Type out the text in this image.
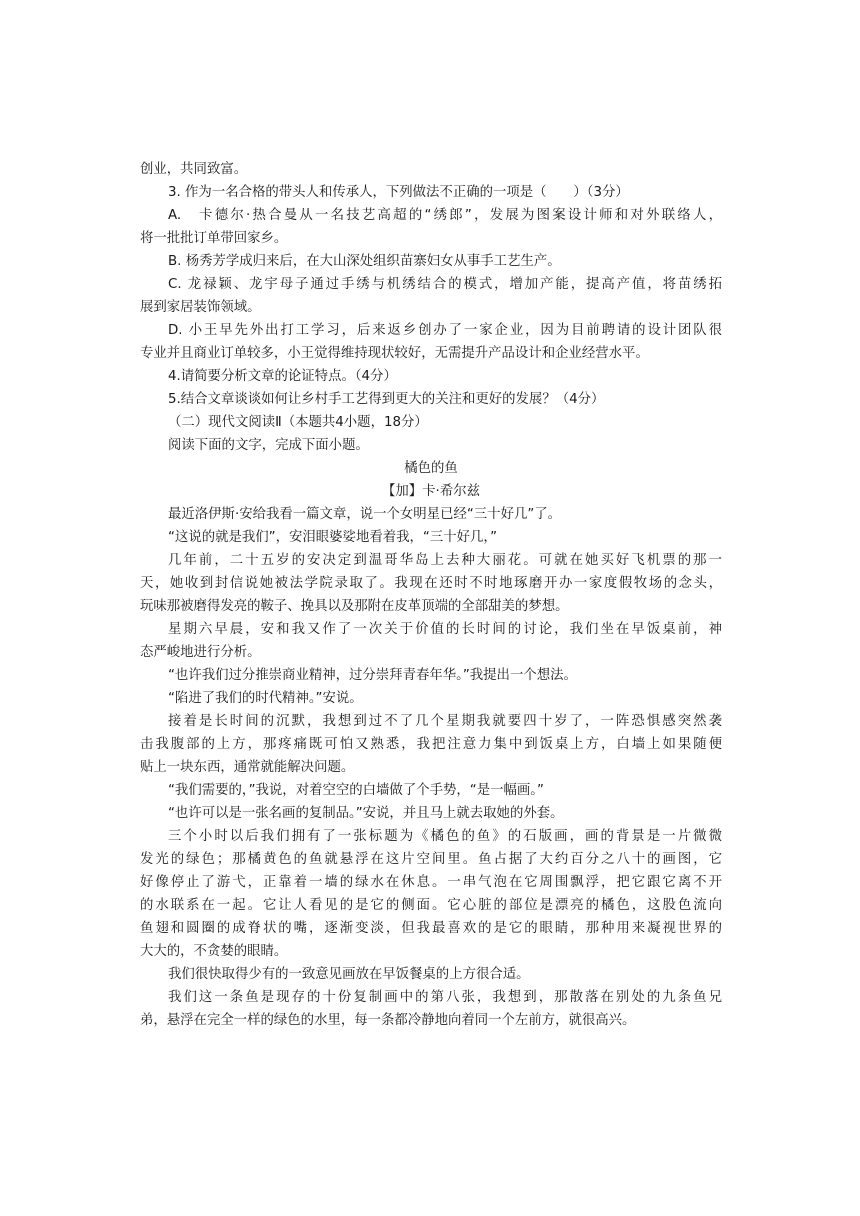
创业，共同致富。
3. 作为一名合格的带头人和传承人，下列做法不正确的一项是（　　）（3分）
A.　卡德尔·热合曼从一名技艺高超的“绣郎”，发展为图案设计师和对外联络人，
将一批批订单带回家乡。
B. 杨秀芳学成归来后，在大山深处组织苗寨妇女从事手工艺生产。
C. 龙禄颖、龙宇母子通过手绣与机绣结合的模式，增加产能，提高产值，将苗绣拓
展到家居装饰领域。
D. 小王早先外出打工学习，后来返乡创办了一家企业，因为目前聘请的设计团队很
专业并且商业订单较多，小王觉得维持现状较好，无需提升产品设计和企业经营水平。
4.请简要分析文章的论证特点。（4分）
5.结合文章谈谈如何让乡村手工艺得到更大的关注和更好的发展？（4分）
（二）现代文阅读Ⅱ（本题共4小题，18分）
阅读下面的文字，完成下面小题。
橘色的鱼
【加】卡·希尔兹
最近洛伊斯·安给我看一篇文章，说一个女明星已经“三十好几”了。
“这说的就是我们”，安泪眼婆娑地看着我，“三十好几，”
几年前，二十五岁的安决定到温哥华岛上去种大丽花。可就在她买好飞机票的那一
天，她收到封信说她被法学院录取了。我现在还时不时地琢磨开办一家度假牧场的念头，
玩味那被磨得发亮的鞍子、挽具以及那附在皮革顶端的全部甜美的梦想。
星期六早晨，安和我又作了一次关于价值的长时间的讨论，我们坐在早饭桌前，神
态严峻地进行分析。
“也许我们过分推崇商业精神，过分崇拜青春年华。”我提出一个想法。
“陷进了我们的时代精神。”安说。
接着是长时间的沉默，我想到过不了几个星期我就要四十岁了，一阵恐惧感突然袭
击我腹部的上方，那疼痛既可怕又熟悉，我把注意力集中到饭桌上方，白墙上如果随便
贴上一块东西，通常就能解决问题。
“我们需要的，”我说，对着空空的白墙做了个手势，“是一幅画。”
“也许可以是一张名画的复制品。”安说，并且马上就去取她的外套。
三个小时以后我们拥有了一张标题为《橘色的鱼》的石版画，画的背景是一片微微
发光的绿色；那橘黄色的鱼就悬浮在这片空间里。鱼占据了大约百分之八十的画图，它
好像停止了游弋，正靠着一墙的绿水在休息。一串气泡在它周围飘浮，把它跟它离不开
的水联系在一起。它让人看见的是它的侧面。它心脏的部位是漂亮的橘色，这股色流向
鱼翅和圆圈的成脊状的嘴，逐渐变淡，但我最喜欢的是它的眼睛，那种用来凝视世界的
大大的，不贪婪的眼睛。
我们很快取得少有的一致意见画放在早饭餐桌的上方很合适。
我们这一条鱼是现存的十份复制画中的第八张，我想到，那散落在别处的九条鱼兄
弟，悬浮在完全一样的绿色的水里，每一条都冷静地向着同一个左前方，就很高兴。
